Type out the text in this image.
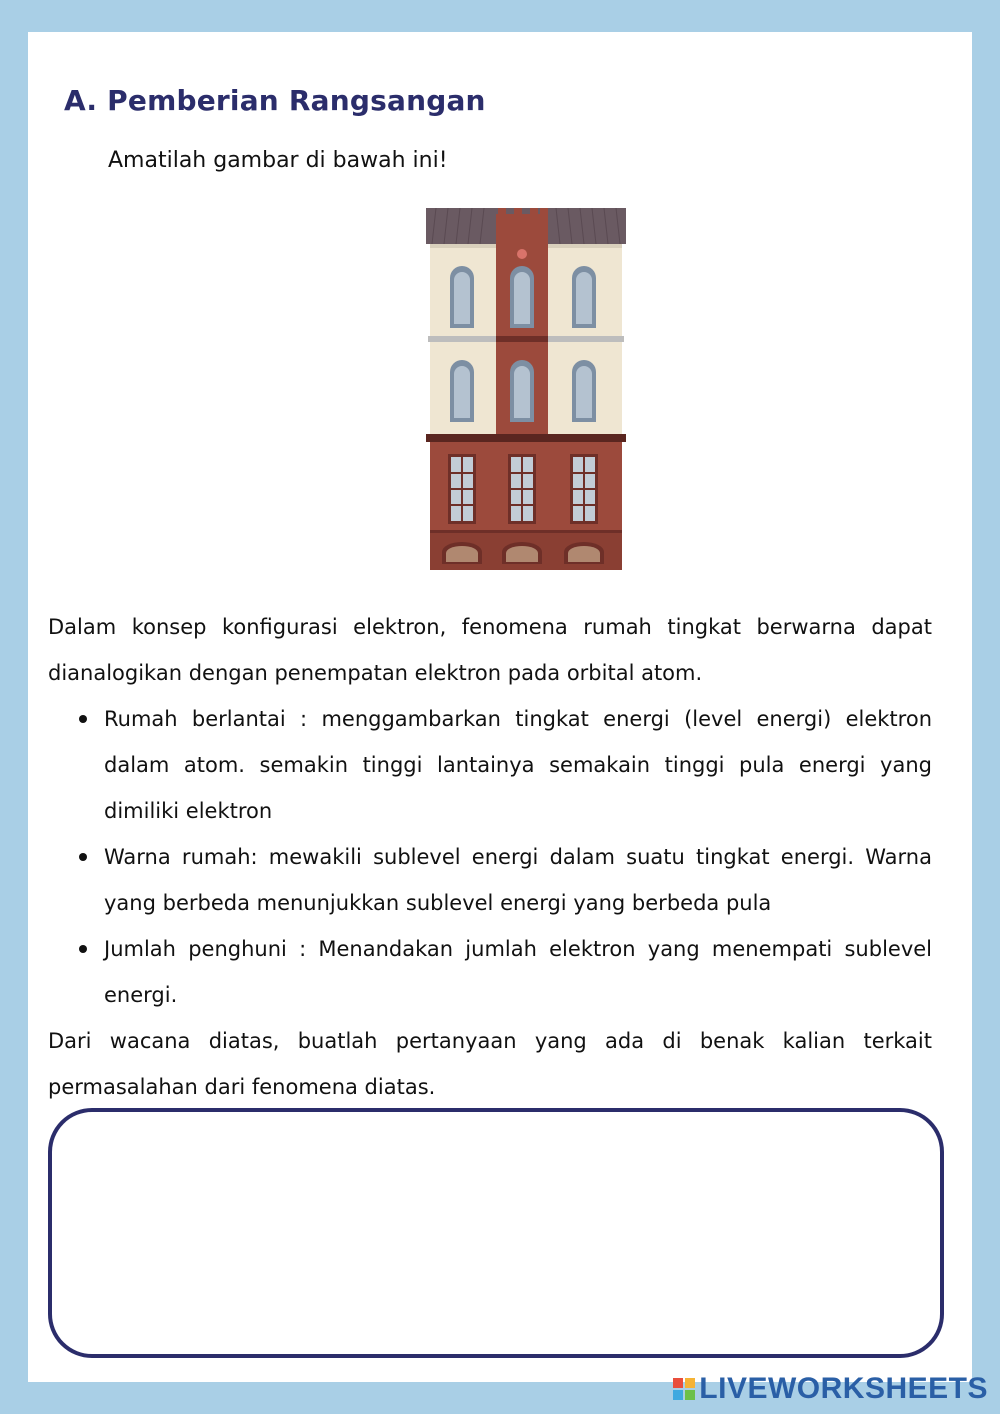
A. Pemberian Rangsangan
Amatilah gambar di bawah ini!
Dalam konsep konfigurasi elektron, fenomena rumah tingkat berwarna dapat dianalogikan dengan penempatan elektron pada orbital atom.
Rumah berlantai : menggambarkan tingkat energi (level energi) elektron dalam atom. semakin tinggi lantainya semakain tinggi pula energi yang dimiliki elektron
Warna rumah: mewakili sublevel energi dalam suatu tingkat energi. Warna yang berbeda menunjukkan sublevel energi yang berbeda pula
Jumlah penghuni : Menandakan jumlah elektron yang menempati sublevel energi.
Dari wacana diatas, buatlah pertanyaan yang ada di benak kalian terkait permasalahan dari fenomena diatas.
LIVEWORKSHEETS
